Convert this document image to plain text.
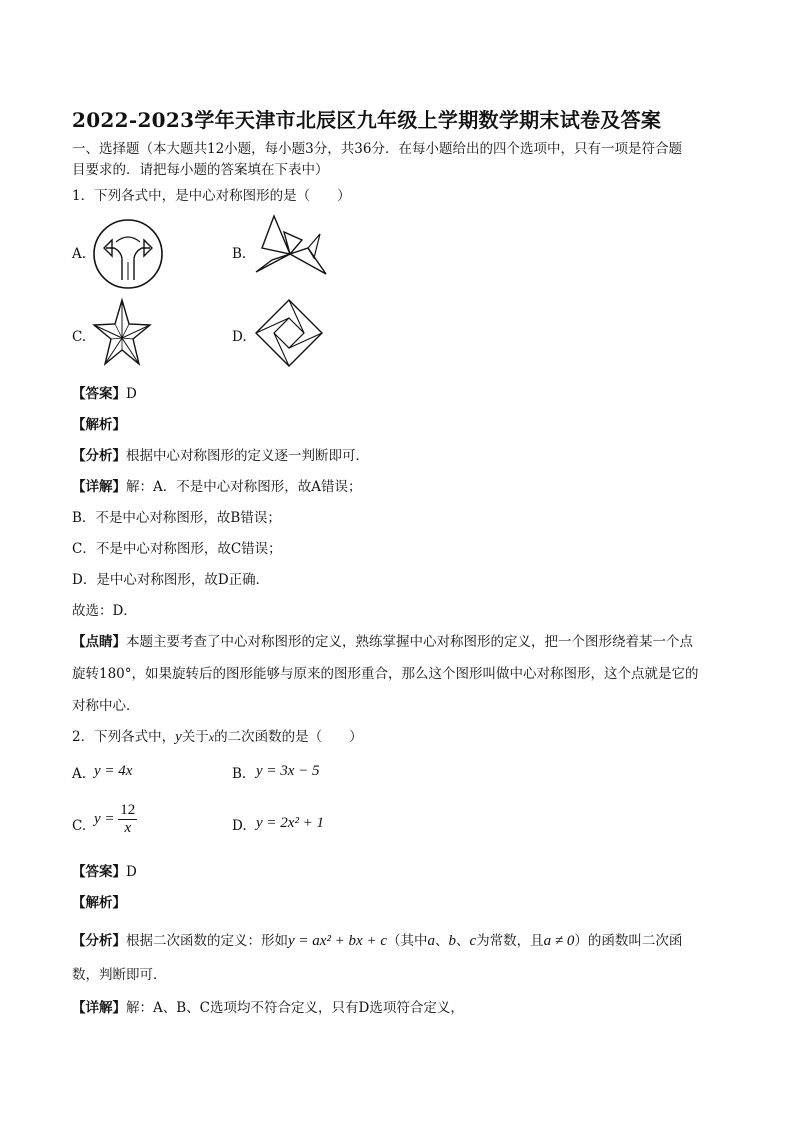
2022-2023学年天津市北辰区九年级上学期数学期末试卷及答案
一、选择题（本大题共12小题，每小题3分，共36分．在每小题给出的四个选项中，只有一项是符合题
目要求的．请把每小题的答案填在下表中）
1．下列各式中，是中心对称图形的是（　　）
A.	B.
C.	D.
【答案】D
【解析】
【分析】根据中心对称图形的定义逐一判断即可．
【详解】解：A．不是中心对称图形，故A错误；
B．不是中心对称图形，故B错误；
C．不是中心对称图形，故C错误；
D．是中心对称图形，故D正确．
故选：D．
【点睛】本题主要考查了中心对称图形的定义，熟练掌握中心对称图形的定义，把一个图形绕着某一个点
旋转180°，如果旋转后的图形能够与原来的图形重合，那么这个图形叫做中心对称图形，这个点就是它的
对称中心．
2．下列各式中，y关于x的二次函数的是（　　）
A. y = 4x	B. y = 3x − 5
C. $y = \frac{12}{x}$	D. y = 2x² + 1
【答案】D
【解析】
【分析】根据二次函数的定义：形如y = ax² + bx + c（其中a、b、c为常数，且a ≠ 0）的函数叫二次函
数，判断即可．
【详解】解：A、B、C选项均不符合定义，只有D选项符合定义，
